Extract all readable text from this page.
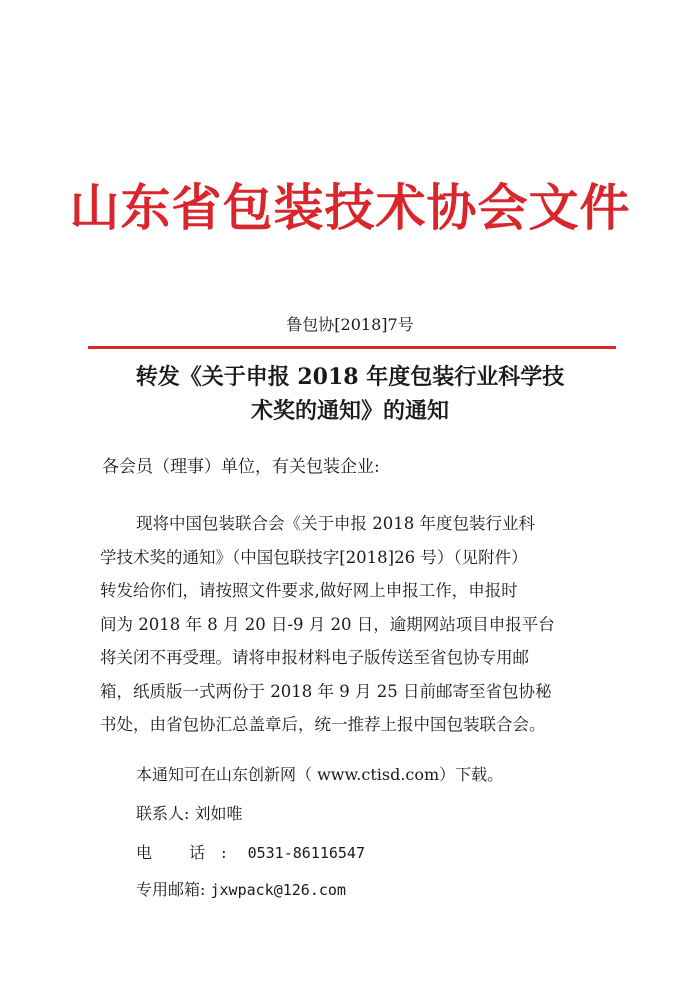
山东省包装技术协会文件
鲁包协[2018]7号
转发《关于申报 2018 年度包装行业科学技
术奖的通知》的通知
各会员（理事）单位，有关包装企业:
现将中国包装联合会《关于申报 2018 年度包装行业科
学技术奖的通知》（中国包联技字[2018]26 号）（见附件）
转发给你们，请按照文件要求,做好网上申报工作，申报时
间为 2018 年 8 月 20 日-9 月 20 日，逾期网站项目申报平台
将关闭不再受理。请将申报材料电子版传送至省包协专用邮
箱，纸质版一式两份于 2018 年 9 月 25 日前邮寄至省包协秘
书处，由省包协汇总盖章后，统一推荐上报中国包装联合会。
本通知可在山东创新网（ www.ctisd.com）下载。
联系人: 刘如唯
电 话: 0531-86116547
专用邮箱: jxwpack@126.com
